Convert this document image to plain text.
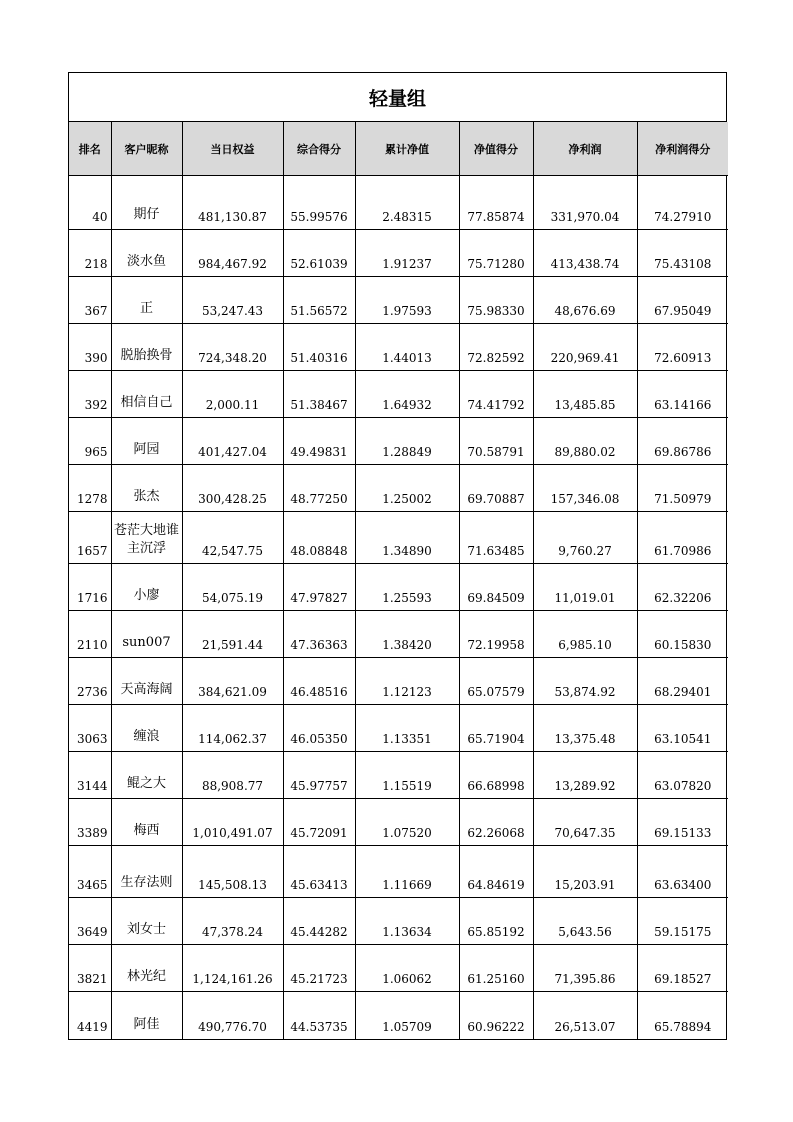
轻量组
排名	客户昵称	当日权益	综合得分	累计净值	净值得分	净利润	净利润得分
40	期仔	481,130.87	55.99576	2.48315	77.85874	331,970.04	74.27910
218	淡水鱼	984,467.92	52.61039	1.91237	75.71280	413,438.74	75.43108
367	正	53,247.43	51.56572	1.97593	75.98330	48,676.69	67.95049
390	脱胎换骨	724,348.20	51.40316	1.44013	72.82592	220,969.41	72.60913
392	相信自己	2,000.11	51.38467	1.64932	74.41792	13,485.85	63.14166
965	阿园	401,427.04	49.49831	1.28849	70.58791	89,880.02	69.86786
1278	张杰	300,428.25	48.77250	1.25002	69.70887	157,346.08	71.50979
1657	苍茫大地谁主沉浮	42,547.75	48.08848	1.34890	71.63485	9,760.27	61.70986
1716	小廖	54,075.19	47.97827	1.25593	69.84509	11,019.01	62.32206
2110	sun007	21,591.44	47.36363	1.38420	72.19958	6,985.10	60.15830
2736	天高海阔	384,621.09	46.48516	1.12123	65.07579	53,874.92	68.29401
3063	缠浪	114,062.37	46.05350	1.13351	65.71904	13,375.48	63.10541
3144	鲲之大	88,908.77	45.97757	1.15519	66.68998	13,289.92	63.07820
3389	梅西	1,010,491.07	45.72091	1.07520	62.26068	70,647.35	69.15133
3465	生存法则	145,508.13	45.63413	1.11669	64.84619	15,203.91	63.63400
3649	刘女士	47,378.24	45.44282	1.13634	65.85192	5,643.56	59.15175
3821	林光纪	1,124,161.26	45.21723	1.06062	61.25160	71,395.86	69.18527
4419	阿佳	490,776.70	44.53735	1.05709	60.96222	26,513.07	65.78894
